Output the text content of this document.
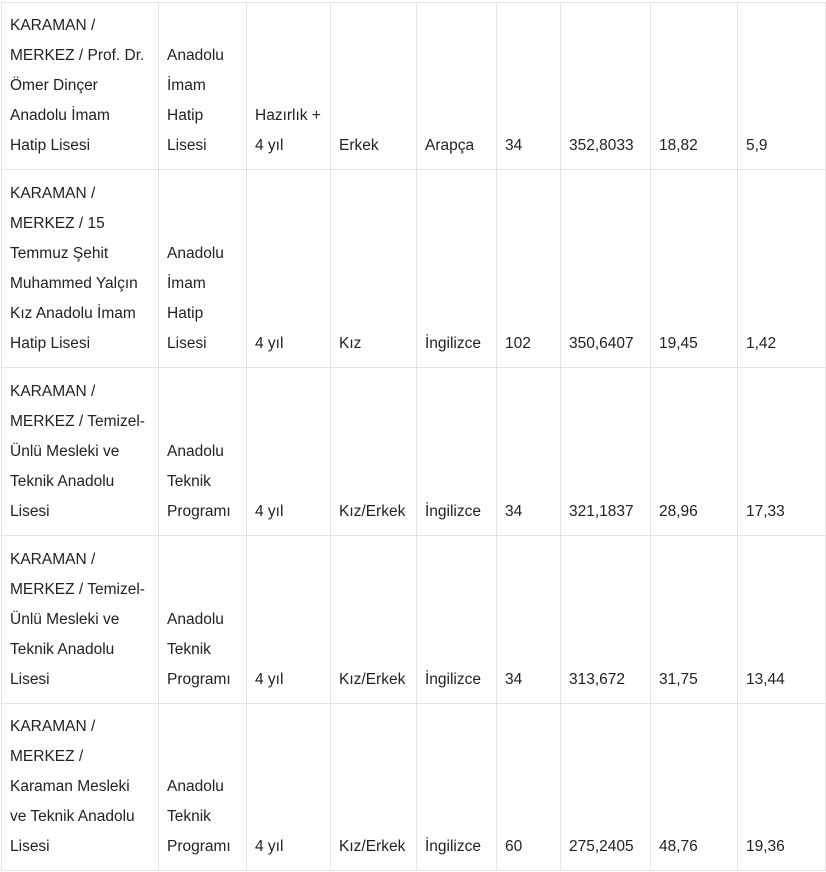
KARAMAN / MERKEZ / Prof. Dr. Ömer Dinçer Anadolu İmam Hatip Lisesi	Anadolu İmam Hatip Lisesi	Hazırlık + 4 yıl	Erkek	Arapça	34	352,8033	18,82	5,9

KARAMAN / MERKEZ / 15 Temmuz Şehit Muhammed Yalçın Kız Anadolu İmam Hatip Lisesi	Anadolu İmam Hatip Lisesi	4 yıl	Kız	İngilizce	102	350,6407	19,45	1,42

KARAMAN / MERKEZ / Temizel-Ünlü Mesleki ve Teknik Anadolu Lisesi	Anadolu Teknik Programı	4 yıl	Kız/Erkek	İngilizce	34	321,1837	28,96	17,33

KARAMAN / MERKEZ / Temizel-Ünlü Mesleki ve Teknik Anadolu Lisesi	Anadolu Teknik Programı	4 yıl	Kız/Erkek	İngilizce	34	313,672	31,75	13,44

KARAMAN / MERKEZ / Karaman Mesleki ve Teknik Anadolu Lisesi	Anadolu Teknik Programı	4 yıl	Kız/Erkek	İngilizce	60	275,2405	48,76	19,36
